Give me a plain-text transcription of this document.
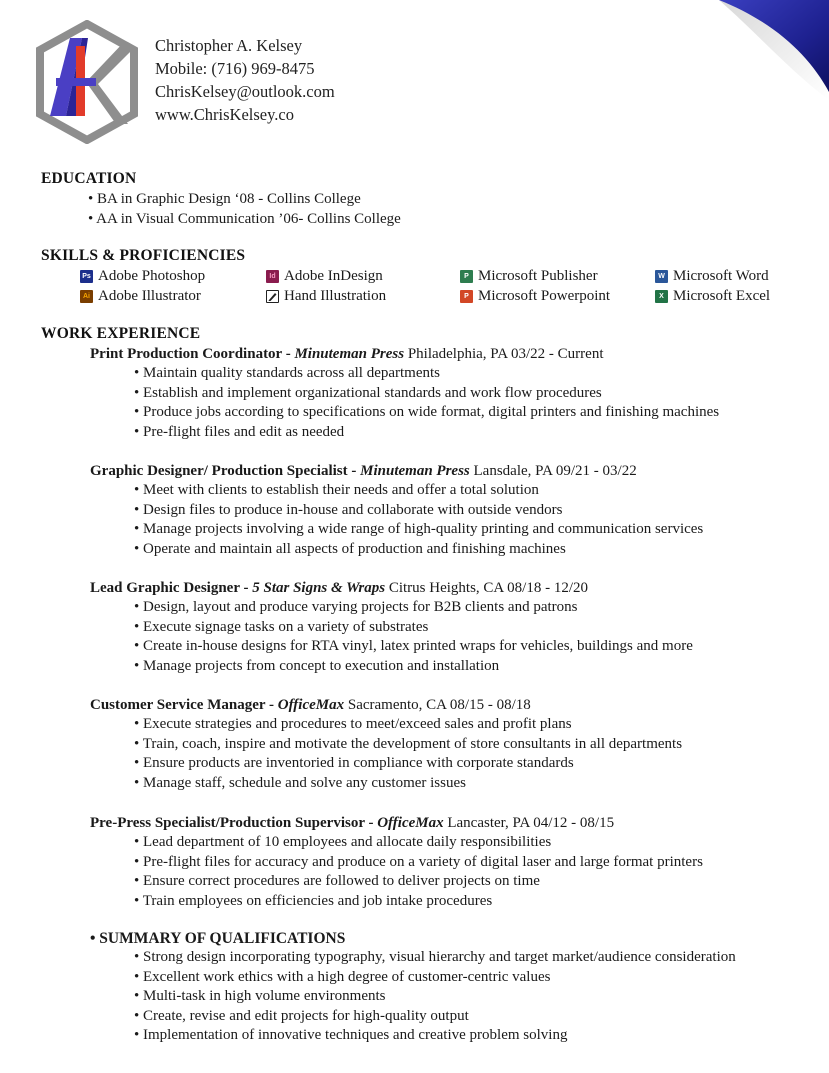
Christopher A. Kelsey
Mobile: (716) 969-8475
ChrisKelsey@outlook.com
www.ChrisKelsey.co
EDUCATION
• BA in Graphic Design ‘08 - Collins College
• AA in Visual Communication ’06- Collins College
SKILLS & PROFICIENCIES
Ps Adobe Photoshop
Ai Adobe Illustrator
Id Adobe InDesign
Hand Illustration
P Microsoft Publisher
P Microsoft Powerpoint
W Microsoft Word
X Microsoft Excel
WORK EXPERIENCE
Print Production Coordinator - Minuteman Press Philadelphia, PA 03/22 - Current
• Maintain quality standards across all departments
• Establish and implement organizational standards and work flow procedures
• Produce jobs according to specifications on wide format, digital printers and finishing machines
• Pre-flight files and edit as needed
Graphic Designer/ Production Specialist - Minuteman Press Lansdale, PA 09/21 - 03/22
• Meet with clients to establish their needs and offer a total solution
• Design files to produce in-house and collaborate with outside vendors
• Manage projects involving a wide range of high-quality printing and communication services
• Operate and maintain all aspects of production and finishing machines
Lead Graphic Designer - 5 Star Signs & Wraps Citrus Heights, CA 08/18 - 12/20
• Design, layout and produce varying projects for B2B clients and patrons
• Execute signage tasks on a variety of substrates
• Create in-house designs for RTA vinyl, latex printed wraps for vehicles, buildings and more
• Manage projects from concept to execution and installation
Customer Service Manager - OfficeMax Sacramento, CA 08/15 - 08/18
• Execute strategies and procedures to meet/exceed sales and profit plans
• Train, coach, inspire and motivate the development of store consultants in all departments
• Ensure products are inventoried in compliance with corporate standards
• Manage staff, schedule and solve any customer issues
Pre-Press Specialist/Production Supervisor - OfficeMax Lancaster, PA 04/12 - 08/15
• Lead department of 10 employees and allocate daily responsibilities
• Pre-flight files for accuracy and produce on a variety of digital laser and large format printers
• Ensure correct procedures are followed to deliver projects on time
• Train employees on efficiencies and job intake procedures
• SUMMARY OF QUALIFICATIONS
• Strong design incorporating typography, visual hierarchy and target market/audience consideration
• Excellent work ethics with a high degree of customer-centric values
• Multi-task in high volume environments
• Create, revise and edit projects for high-quality output
• Implementation of innovative techniques and creative problem solving
